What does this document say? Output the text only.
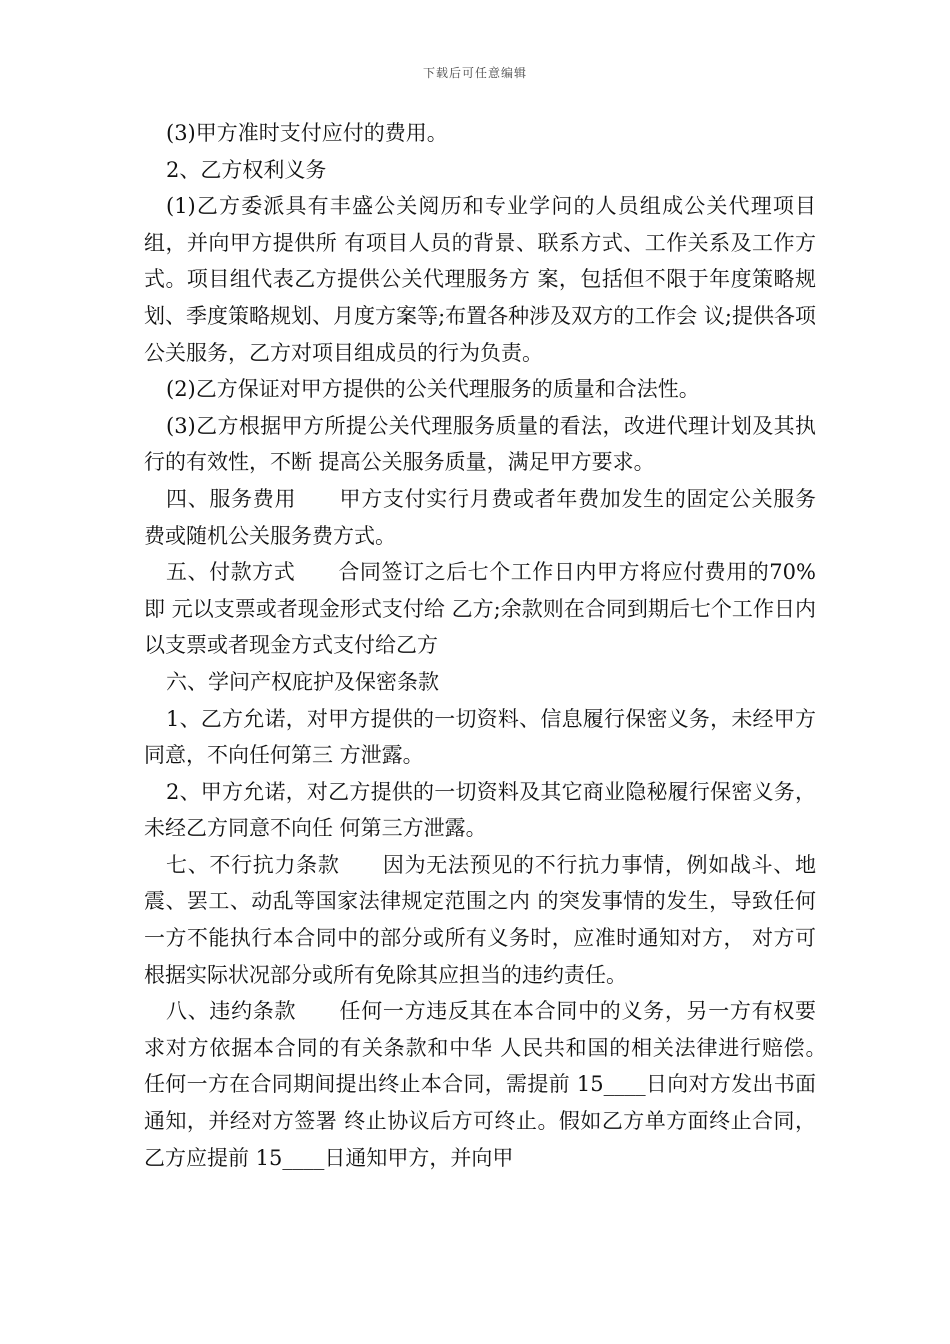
下载后可任意编辑

(3)甲方准时支付应付的费用。

2、乙方权利义务

(1)乙方委派具有丰盛公关阅历和专业学问的人员组成公关代理项目组，并向甲方提供所 有项目人员的背景、联系方式、工作关系及工作方式。项目组代表乙方提供公关代理服务方 案，包括但不限于年度策略规划、季度策略规划、月度方案等;布置各种涉及双方的工作会 议;提供各项公关服务，乙方对项目组成员的行为负责。

(2)乙方保证对甲方提供的公关代理服务的质量和合法性。

(3)乙方根据甲方所提公关代理服务质量的看法，改进代理计划及其执行的有效性，不断 提高公关服务质量，满足甲方要求。

四、服务费用　　甲方支付实行月费或者年费加发生的固定公关服务费或随机公关服务费方式。

五、付款方式　　合同签订之后七个工作日内甲方将应付费用的70%即 元以支票或者现金形式支付给 乙方;余款则在合同到期后七个工作日内以支票或者现金方式支付给乙方

六、学问产权庇护及保密条款

1、乙方允诺，对甲方提供的一切资料、信息履行保密义务，未经甲方同意，不向任何第三 方泄露。

2、甲方允诺，对乙方提供的一切资料及其它商业隐秘履行保密义务，未经乙方同意不向任 何第三方泄露。

七、不行抗力条款　　因为无法预见的不行抗力事情，例如战斗、地震、罢工、动乱等国家法律规定范围之内 的突发事情的发生，导致任何一方不能执行本合同中的部分或所有义务时，应准时通知对方， 对方可根据实际状况部分或所有免除其应担当的违约责任。

八、违约条款　　任何一方违反其在本合同中的义务，另一方有权要求对方依据本合同的有关条款和中华 人民共和国的相关法律进行赔偿。　　任何一方在合同期间提出终止本合同，需提前 15____日向对方发出书面通知，并经对方签署 终止协议后方可终止。假如乙方单方面终止合同，乙方应提前 15____日通知甲方，并向甲
